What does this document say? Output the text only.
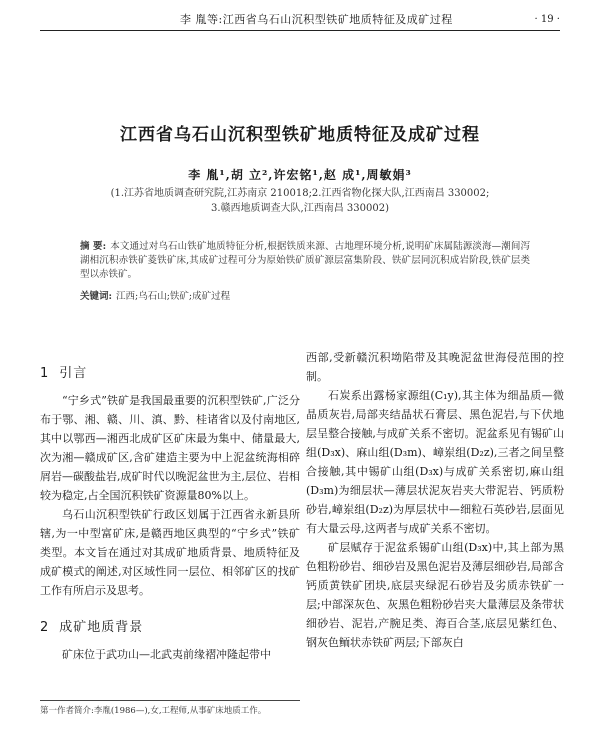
李 胤等:江西省乌石山沉积型铁矿地质特征及成矿过程	· 19 ·
江西省乌石山沉积型铁矿地质特征及成矿过程
李 胤¹,胡 立²,许宏铭¹,赵 成¹,周敏娟³
(1.江苏省地质调查研究院,江苏南京 210018;2.江西省物化探大队,江西南昌 330002;
3.赣西地质调查大队,江西南昌 330002)
摘 要: 本文通过对乌石山铁矿地质特征分析,根据铁质来源、古地理环境分析,说明矿床属陆源淡海—潮间泻湖相沉积赤铁矿菱铁矿床,其成矿过程可分为原始铁矿质矿源层富集阶段、铁矿层同沉积成岩阶段,铁矿层类型以赤铁矿。
关键词: 江西;乌石山;铁矿;成矿过程
1 引言

“宁乡式”铁矿是我国最重要的沉积型铁矿,广泛分布于鄂、湘、赣、川、滇、黔、桂诸省以及付南地区,其中以鄂西—湘西北成矿区矿床最为集中、储量最大,次为湘—赣成矿区,含矿建造主要为中上泥盆统海相碎屑岩—碳酸盐岩,成矿时代以晚泥盆世为主,层位、岩相较为稳定,占全国沉积铁矿资源量80%以上。

乌石山沉积型铁矿行政区划属于江西省永新县所辖,为一中型富矿床,是赣西地区典型的“宁乡式”铁矿类型。本文旨在通过对其成矿地质背景、地质特征及成矿模式的阐述,对区域性同一层位、相邻矿区的找矿工作有所启示及思考。

2 成矿地质背景

矿床位于武功山—北武夷前缘褶冲隆起带中

西部,受新赣沉积坳陷带及其晚泥盆世海侵范围的控制。

石炭系出露杨家源组(C₁y),其主体为细晶质—微晶质灰岩,局部夹结晶状石膏层、黑色泥岩,与下伏地层呈整合接触,与成矿关系不密切。泥盆系见有锡矿山组(D₃x)、麻山组(D₃m)、嶂岽组(D₂z),三者之间呈整合接触,其中锡矿山组(D₃x)与成矿关系密切,麻山组(D₃m)为细层状—薄层状泥灰岩夹大带泥岩、钙质粉砂岩,嶂岽组(D₂z)为厚层状中—细粒石英砂岩,层面见有大量云母,这两者与成矿关系不密切。

矿层赋存于泥盆系锡矿山组(D₃x)中,其上部为黑色粗粉砂岩、细砂岩及黑色泥岩及薄层细砂岩,局部含钙质黄铁矿团块,底层夹绿泥石砂岩及劣质赤铁矿一层;中部深灰色、灰黑色粗粉砂岩夹大量薄层及条带状细砂岩、泥岩,产腕足类、海百合茎,底层见紫红色、钢灰色鲕状赤铁矿两层;下部灰白

第一作者简介:李胤(1986—),女,工程师,从事矿床地质工作。
